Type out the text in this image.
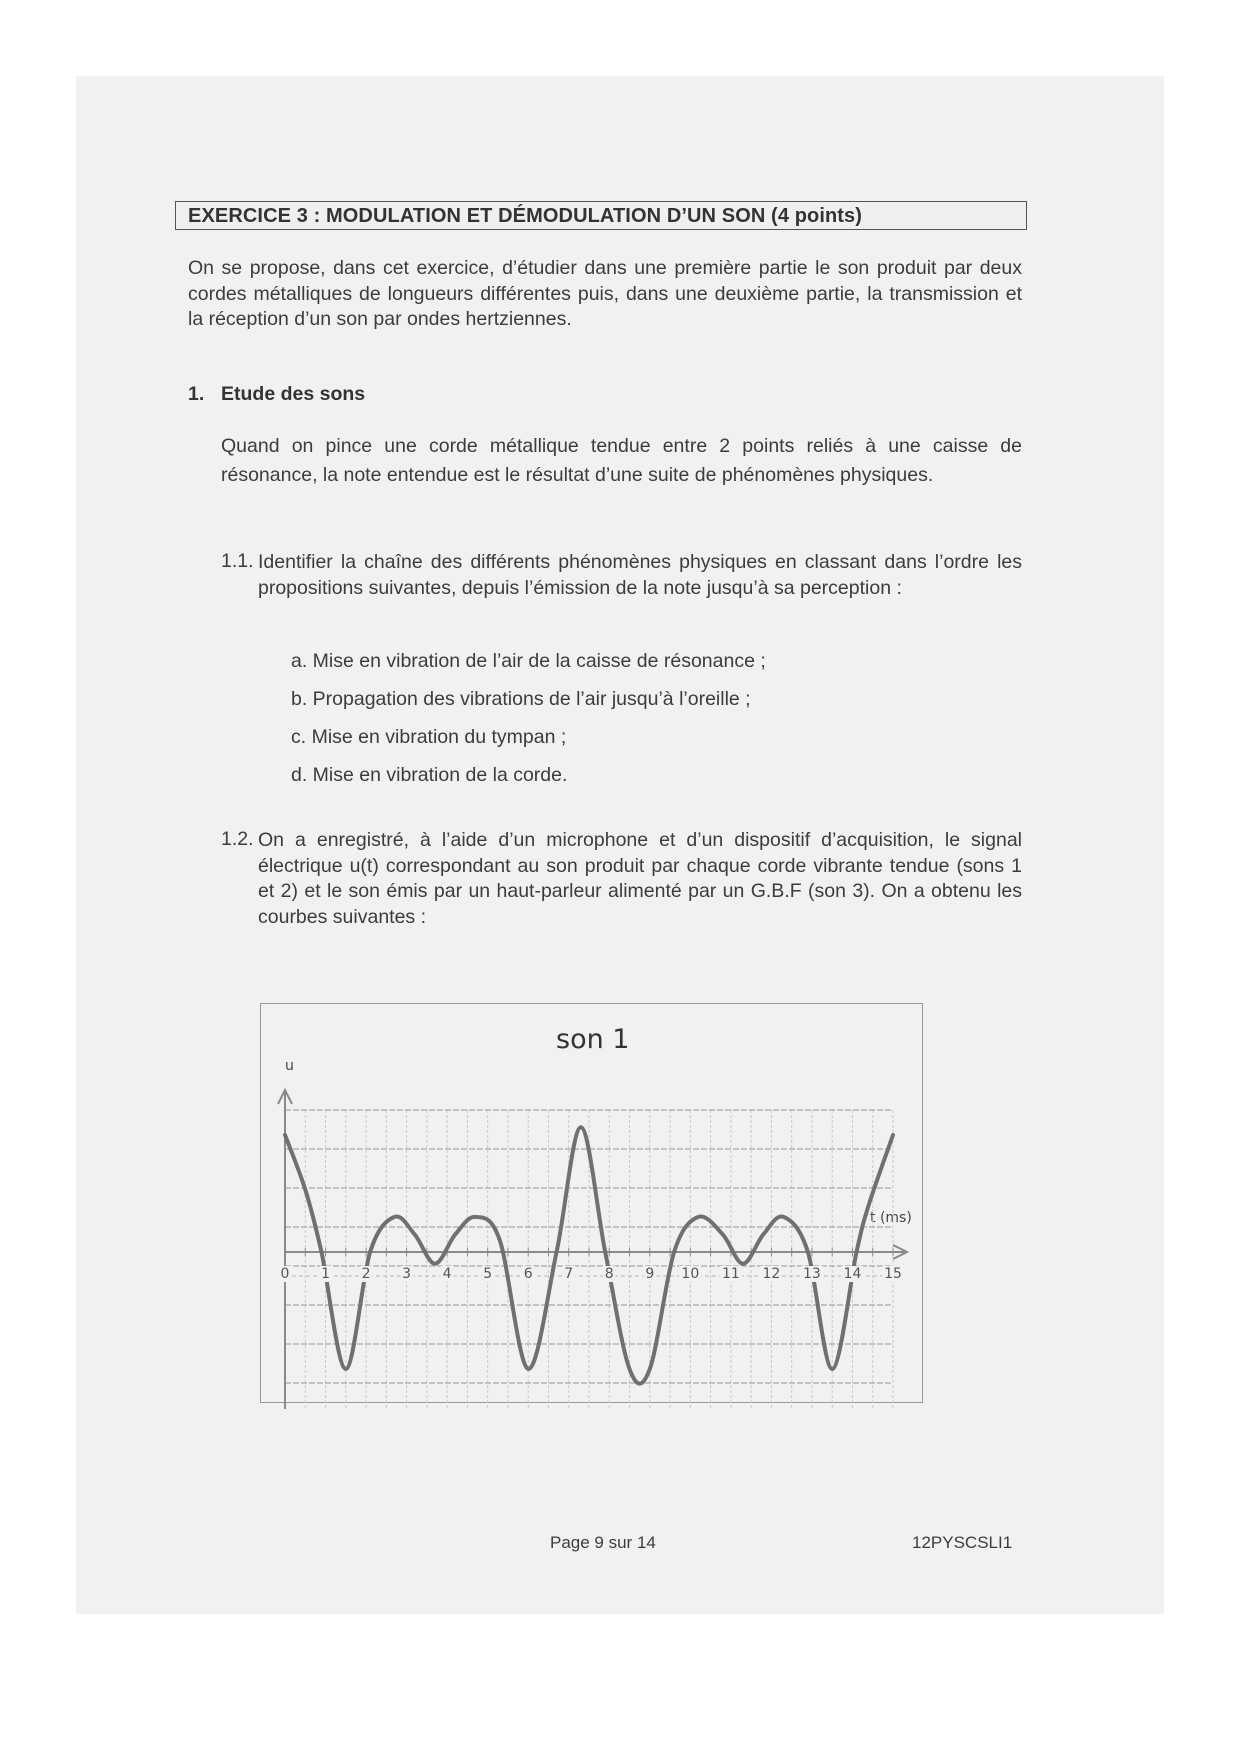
EXERCICE 3 : MODULATION ET DÉMODULATION D’UN SON (4 points)
On se propose, dans cet exercice, d’étudier dans une première partie le son produit par deux cordes métalliques de longueurs différentes puis, dans une deuxième partie, la transmission et la réception d’un son par ondes hertziennes.
1. Etude des sons
Quand on pince une corde métallique tendue entre 2 points reliés à une caisse de résonance, la note entendue est le résultat d’une suite de phénomènes physiques.
1.1. Identifier la chaîne des différents phénomènes physiques en classant dans l’ordre les propositions suivantes, depuis l’émission de la note jusqu’à sa perception :
a. Mise en vibration de l’air de la caisse de résonance ;
b. Propagation des vibrations de l’air jusqu’à l’oreille ;
c. Mise en vibration du tympan ;
d. Mise en vibration de la corde.
1.2. On a enregistré, à l’aide d’un microphone et d’un dispositif d’acquisition, le signal électrique u(t) correspondant au son produit par chaque corde vibrante tendue (sons 1 et 2) et le son émis par un haut-parleur alimenté par un G.B.F (son 3). On a obtenu les courbes suivantes :
son 1
u
t (ms)
0 1 2 3 4 5 6 7 8 9 10 11 12 13 14 15
Page 9 sur 14	12PYSCSLI1
